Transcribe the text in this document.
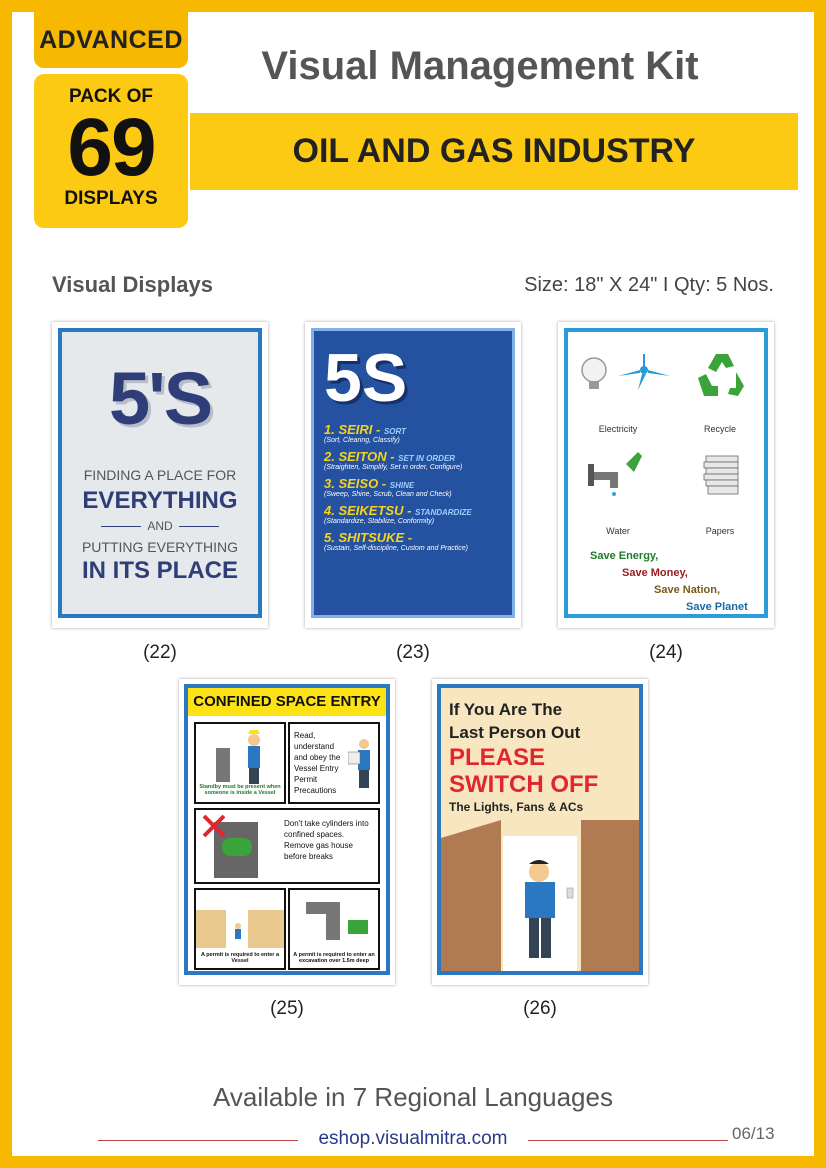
ADVANCED
PACK OF
69
DISPLAYS
Visual Management Kit
OIL AND GAS INDUSTRY
Visual Displays	Size: 18" X 24" I Qty: 5 Nos.
5'S
FINDING A PLACE FOR
EVERYTHING
AND
PUTTING EVERYTHING
IN ITS PLACE
(22)
5S
1. SEIRI - SORT
(Sort, Clearing, Classify)
2. SEITON - SET IN ORDER
(Straighten, Simplify, Set in order, Configure)
3. SEISO - SHINE
(Sweep, Shine, Scrub, Clean and Check)
4. SEIKETSU - STANDARDIZE
(Standardize, Stabilize, Conformity)
5. SHITSUKE -
(Sustain, Self-discipline, Custom and Practice)
(23)
Electricity	Recycle
Water	Papers
Save Energy,
Save Money,
Save Nation,
Save Planet
(24)
CONFINED SPACE ENTRY
Standby must be present when someone is inside a Vessel
Read, understand and obey the Vessel Entry Permit Precautions
Don't take cylinders into confined spaces. Remove gas house before breaks
A permit is required to enter a Vessel
A permit is required to enter an excavation over 1.5m deep
(25)
If You Are The
Last Person Out
PLEASE
SWITCH OFF
The Lights, Fans & ACs
(26)
Available in 7 Regional Languages
eshop.visualmitra.com	06/13
